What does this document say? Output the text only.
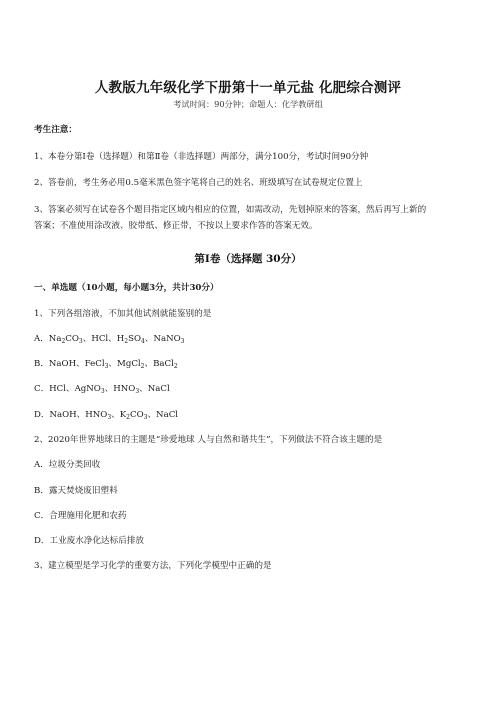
人教版九年级化学下册第十一单元盐 化肥综合测评
考试时间：90分钟；命题人：化学教研组
考生注意：
1、本卷分第I卷（选择题）和第Ⅱ卷（非选择题）两部分，满分100分，考试时间90分钟
2、答卷前，考生务必用0.5毫米黑色签字笔将自己的姓名、班级填写在试卷规定位置上
3、答案必须写在试卷各个题目指定区域内相应的位置，如需改动，先划掉原来的答案，然后再写上新的
答案；不准使用涂改液、胶带纸、修正带，不按以上要求作答的答案无效。
第I卷（选择题 30分）
一、单选题（10小题，每小题3分，共计30分）
1、下列各组溶液，不加其他试剂就能鉴别的是
A．$Na_2CO_3$、HCl、$H_2SO_4$、NaNO$_3$
B．NaOH、FeCl$_3$、MgCl$_2$、BaCl$_2$
C．HCl、AgNO$_3$、$HNO_3$、NaCl
D．NaOH、$HNO_3$、$K_2CO_3$、NaCl
2、2020年世界地球日的主题是“珍爱地球 人与自然和谐共生”，下列做法不符合该主题的是
A．垃圾分类回收
B．露天焚烧废旧塑料
C．合理施用化肥和农药
D．工业废水净化达标后排放
3、建立模型是学习化学的重要方法，下列化学模型中正确的是
